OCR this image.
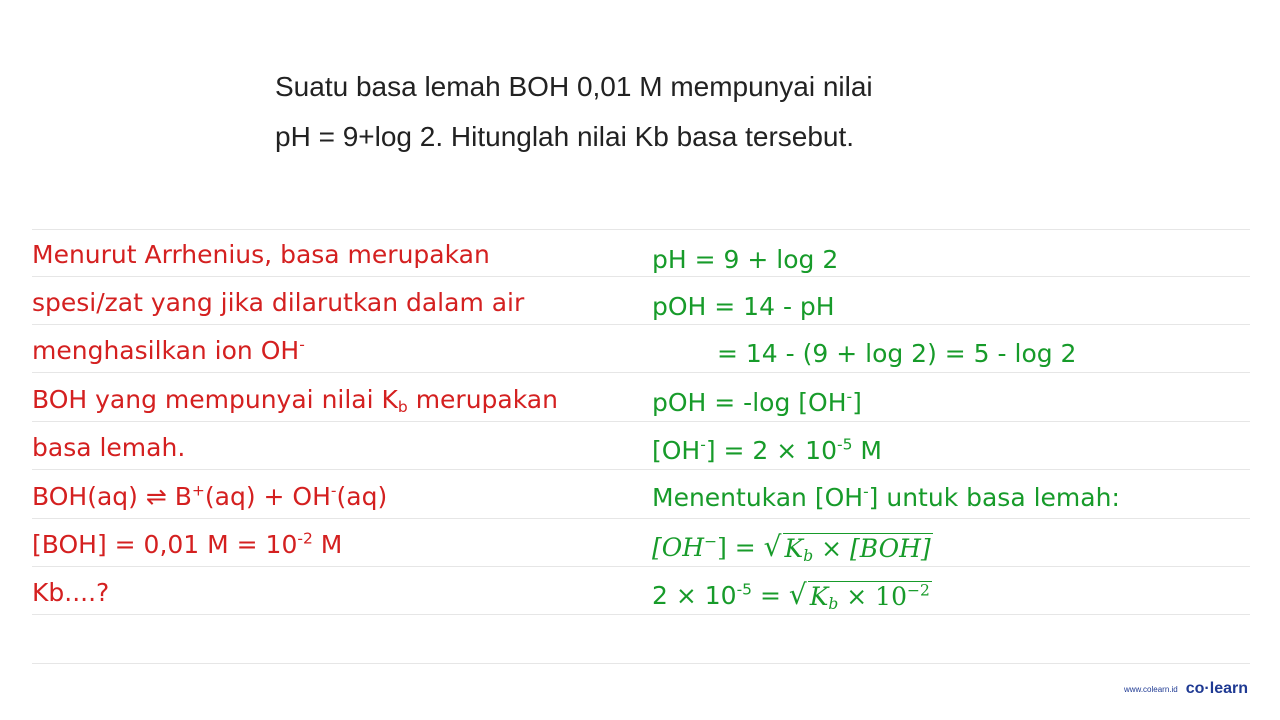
Suatu basa lemah BOH 0,01 M mempunyai nilai
pH = 9+log 2. Hitunglah nilai Kb basa tersebut.
Menurut Arrhenius, basa merupakan
spesi/zat yang jika dilarutkan dalam air
menghasilkan ion OH-
BOH yang mempunyai nilai $K_b$ merupakan
basa lemah.
BOH(aq) ⇌ B+(aq) + OH-(aq)
[BOH] = 0,01 $M = 10^{-2}$ M
Kb....?
pH = 9 + log 2
pOH = 14 - pH
= 14 - (9 + log 2) = 5 - log 2
pOH = -log [OH-]
$[OH^-] = 2 \times 10^{-5}$ M
Menentukan [OH-] untuk basa lemah:
[OH−] = √ $K_b \times [BOH]$
$2 \times 10^{-5}$ = √ $K_b \times 10^{-2}$
www.colearn.id co·learn
